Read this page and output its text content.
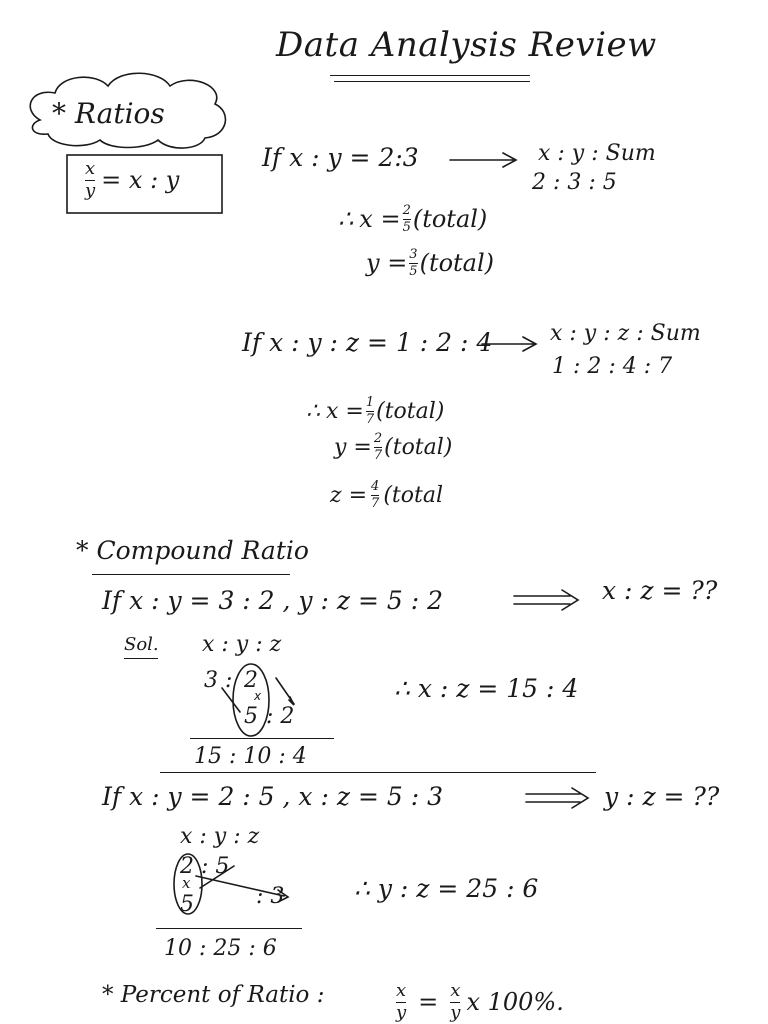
Data Analysis Review
* Ratios
$\frac{x}{y} = x$ : y
If x : y = 2:3	x : y : Sum
2 : 3 : 5
∴ $x = \frac{2}{5}$ (total)
$y = \frac{3}{5}$ (total)
If x : y : z = 1 : 2 : 4	x : y : z : Sum
1 : 2 : 4 : 7
∴ $x = \frac{1}{7}$ (total)
$y = \frac{2}{7}$ (total)
$z = \frac{4}{7}$ (total
* Compound Ratio
If x : y = 3 : 2 , y : z = 5 : 2	x : z = ??
Sol. x : y : z
3 : 2
5 : 2
x
15 : 10 : 4
∴ x : z = 15 : 4
If x : y = 2 : 5 , x : z = 5 : 3	y : z = ??
x : y : z
2 : 5
x
5	: 3
10 : 25 : 6
∴ y : z = 25 : 6
* Percent of Ratio :	$\frac{x}{y} = \frac{x}{y}$ x 100%.
